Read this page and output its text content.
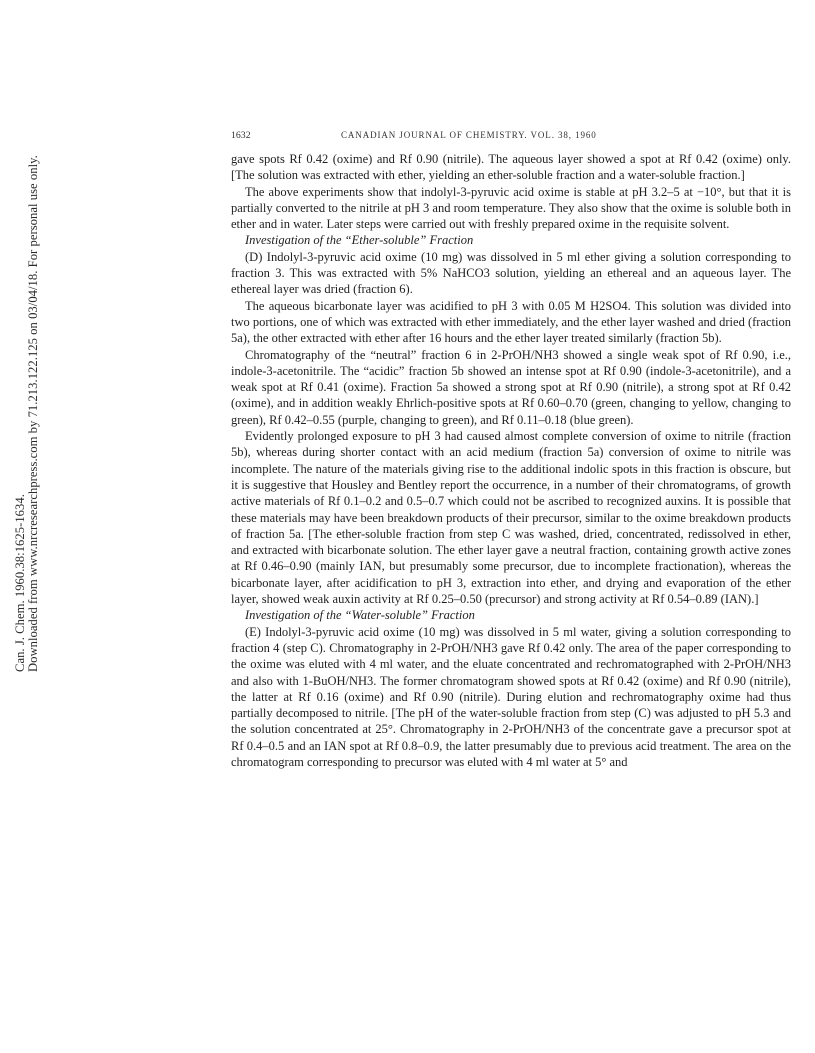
Can. J. Chem. 1960.38:1625-1634. Downloaded from www.nrcresearchpress.com by 71.213.122.125 on 03/04/18. For personal use only.
1632	CANADIAN JOURNAL OF CHEMISTRY. VOL. 38, 1960

gave spots Rf 0.42 (oxime) and Rf 0.90 (nitrile). The aqueous layer showed a spot at Rf 0.42 (oxime) only. [The solution was extracted with ether, yielding an ether-soluble fraction and a water-soluble fraction.]

The above experiments show that indolyl-3-pyruvic acid oxime is stable at pH 3.2–5 at −10°, but that it is partially converted to the nitrile at pH 3 and room temperature. They also show that the oxime is soluble both in ether and in water. Later steps were carried out with freshly prepared oxime in the requisite solvent.

Investigation of the “Ether-soluble” Fraction

(D) Indolyl-3-pyruvic acid oxime (10 mg) was dissolved in 5 ml ether giving a solution corresponding to fraction 3. This was extracted with 5% NaHCO3 solution, yielding an ethereal and an aqueous layer. The ethereal layer was dried (fraction 6).

The aqueous bicarbonate layer was acidified to pH 3 with 0.05 M H2SO4. This solution was divided into two portions, one of which was extracted with ether immediately, and the ether layer washed and dried (fraction 5a), the other extracted with ether after 16 hours and the ether layer treated similarly (fraction 5b).

Chromatography of the “neutral” fraction 6 in 2-PrOH/NH3 showed a single weak spot of Rf 0.90, i.e., indole-3-acetonitrile. The “acidic” fraction 5b showed an intense spot at Rf 0.90 (indole-3-acetonitrile), and a weak spot at Rf 0.41 (oxime). Fraction 5a showed a strong spot at Rf 0.90 (nitrile), a strong spot at Rf 0.42 (oxime), and in addition weakly Ehrlich-positive spots at Rf 0.60–0.70 (green, changing to yellow, changing to green), Rf 0.42–0.55 (purple, changing to green), and Rf 0.11–0.18 (blue green).

Evidently prolonged exposure to pH 3 had caused almost complete conversion of oxime to nitrile (fraction 5b), whereas during shorter contact with an acid medium (fraction 5a) conversion of oxime to nitrile was incomplete. The nature of the materials giving rise to the additional indolic spots in this fraction is obscure, but it is suggestive that Housley and Bentley report the occurrence, in a number of their chromatograms, of growth active materials of Rf 0.1–0.2 and 0.5–0.7 which could not be ascribed to recognized auxins. It is possible that these materials may have been breakdown products of their precursor, similar to the oxime breakdown products of fraction 5a. [The ether-soluble fraction from step C was washed, dried, concentrated, redissolved in ether, and extracted with bicarbonate solution. The ether layer gave a neutral fraction, containing growth active zones at Rf 0.46–0.90 (mainly IAN, but presumably some precursor, due to incomplete fractionation), whereas the bicarbonate layer, after acidification to pH 3, extraction into ether, and drying and evaporation of the ether layer, showed weak auxin activity at Rf 0.25–0.50 (precursor) and strong activity at Rf 0.54–0.89 (IAN).]

Investigation of the “Water-soluble” Fraction

(E) Indolyl-3-pyruvic acid oxime (10 mg) was dissolved in 5 ml water, giving a solution corresponding to fraction 4 (step C). Chromatography in 2-PrOH/NH3 gave Rf 0.42 only. The area of the paper corresponding to the oxime was eluted with 4 ml water, and the eluate concentrated and rechromatographed with 2-PrOH/NH3 and also with 1-BuOH/NH3. The former chromatogram showed spots at Rf 0.42 (oxime) and Rf 0.90 (nitrile), the latter at Rf 0.16 (oxime) and Rf 0.90 (nitrile). During elution and rechromatography oxime had thus partially decomposed to nitrile. [The pH of the water-soluble fraction from step (C) was adjusted to pH 5.3 and the solution concentrated at 25°. Chromatography in 2-PrOH/NH3 of the concentrate gave a precursor spot at Rf 0.4–0.5 and an IAN spot at Rf 0.8–0.9, the latter presumably due to previous acid treatment. The area on the chromatogram corresponding to precursor was eluted with 4 ml water at 5° and
